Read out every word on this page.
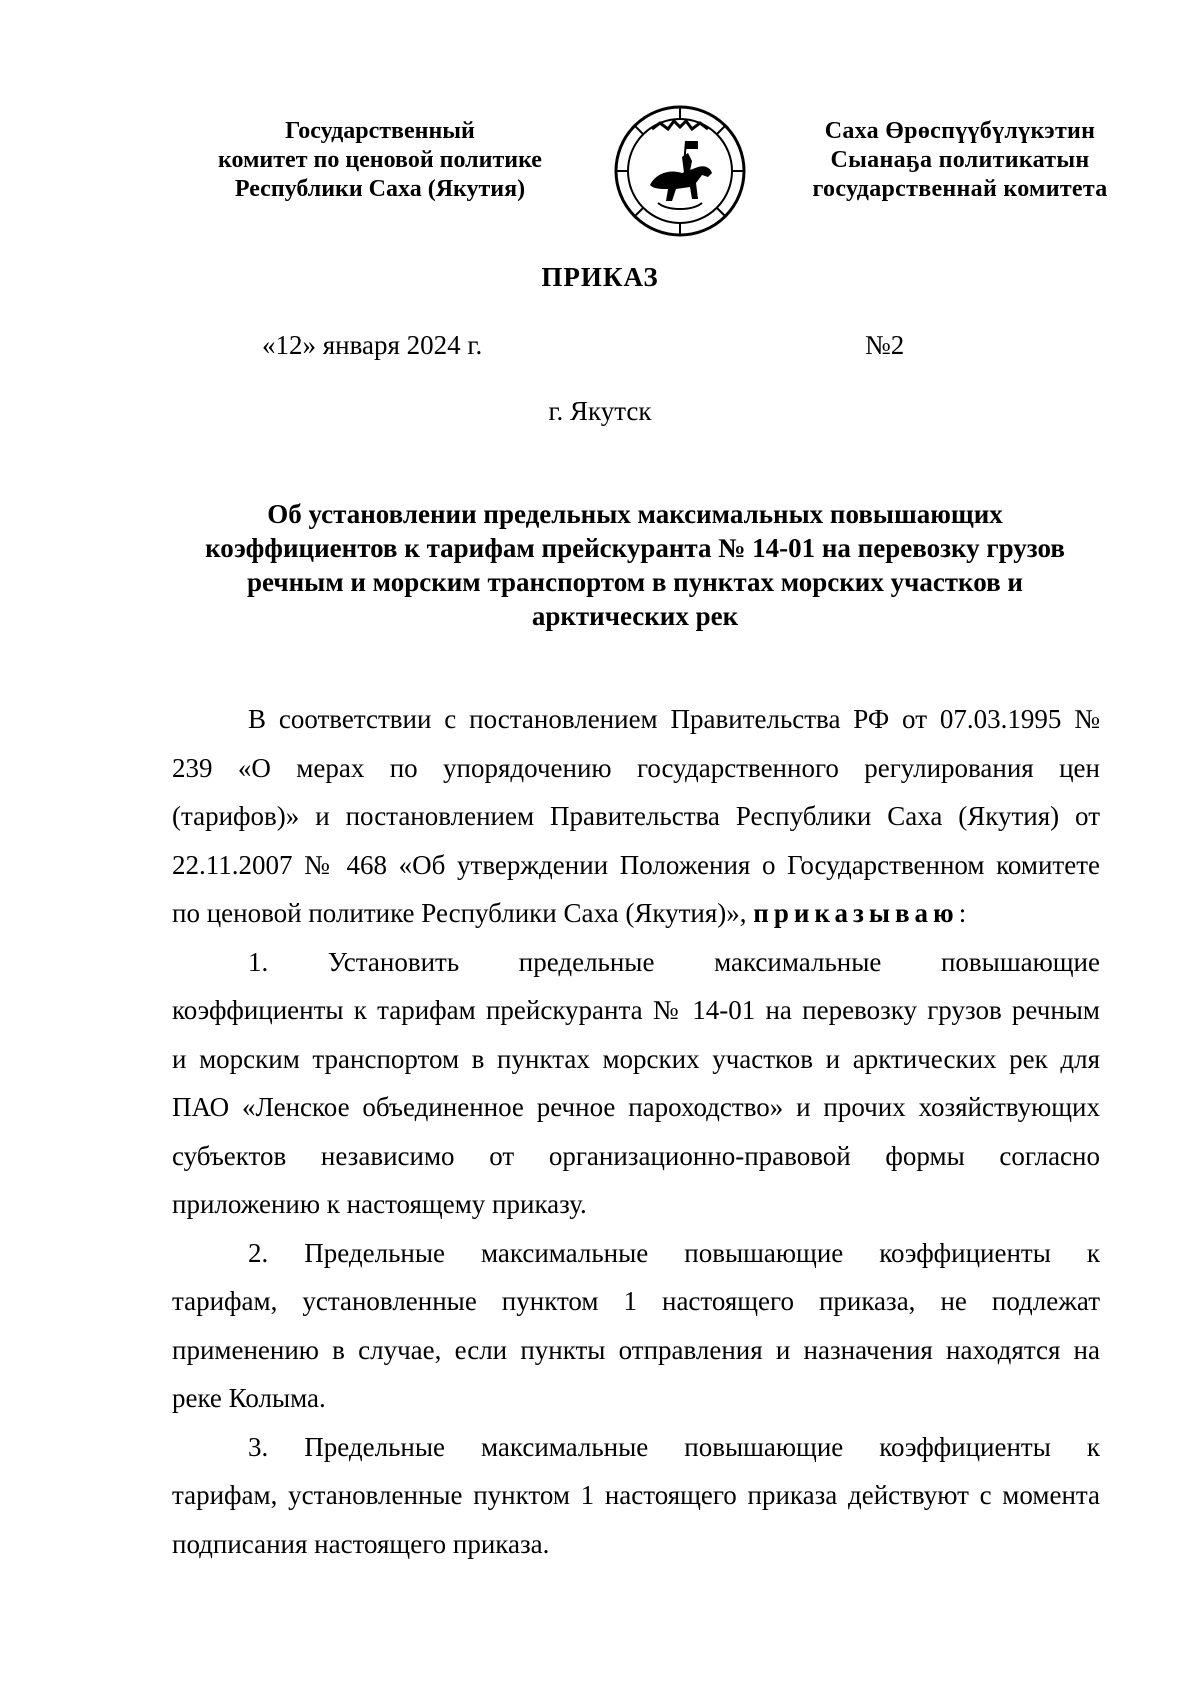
Государственный
комитет по ценовой политике
Республики Саха (Якутия)
Саха Өрөспүүбүлүкэтин
Сыанаҕа политикатын
государственнай комитета
ПРИКАЗ
«12» января 2024 г.	№2
г. Якутск
Об установлении предельных максимальных повышающих
коэффициентов к тарифам прейскуранта № 14-01 на перевозку грузов
речным и морским транспортом в пунктах морских участков и
арктических рек
В соответствии с постановлением Правительства РФ от 07.03.1995 №
239 «О мерах по упорядочению государственного регулирования цен
(тарифов)» и постановлением Правительства Республики Саха (Якутия) от
22.11.2007 № 468 «Об утверждении Положения о Государственном комитете
по ценовой политике Республики Саха (Якутия)», приказываю:
1. Установить предельные максимальные повышающие
коэффициенты к тарифам прейскуранта № 14-01 на перевозку грузов речным
и морским транспортом в пунктах морских участков и арктических рек для
ПАО «Ленское объединенное речное пароходство» и прочих хозяйствующих
субъектов независимо от организационно-правовой формы согласно
приложению к настоящему приказу.
2. Предельные максимальные повышающие коэффициенты к
тарифам, установленные пунктом 1 настоящего приказа, не подлежат
применению в случае, если пункты отправления и назначения находятся на
реке Колыма.
3. Предельные максимальные повышающие коэффициенты к
тарифам, установленные пунктом 1 настоящего приказа действуют с момента
подписания настоящего приказа.
